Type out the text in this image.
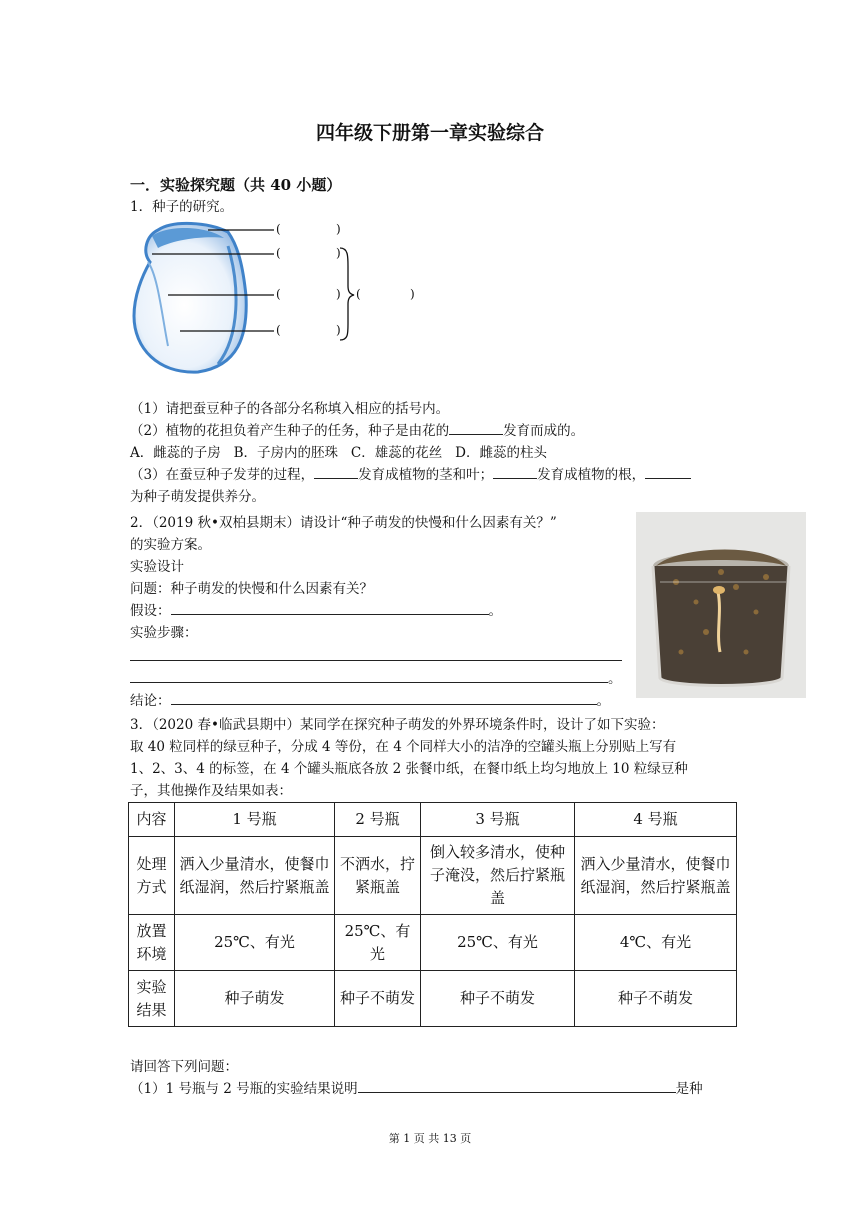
四年级下册第一章实验综合
一．实验探究题（共 40 小题）
1．种子的研究。
(	)
(	)
(	)
(	)
(	)
（1）请把蚕豆种子的各部分名称填入相应的括号内。
（2）植物的花担负着产生种子的任务，种子是由花的	发育而成的。
A．雌蕊的子房 B．子房内的胚珠 C．雄蕊的花丝 D．雌蕊的柱头
（3）在蚕豆种子发芽的过程，	发育成植物的茎和叶；	发育成植物的根，
为种子萌发提供养分。
2．（2019 秋•双柏县期末）请设计“种子萌发的快慢和什么因素有关？”
的实验方案。
实验设计
问题：种子萌发的快慢和什么因素有关？
假设：	。
实验步骤：
。
结论：	。
3．（2020 春•临武县期中）某同学在探究种子萌发的外界环境条件时，设计了如下实验：
取 40 粒同样的绿豆种子，分成 4 等份，在 4 个同样大小的洁净的空罐头瓶上分别贴上写有
1、2、3、4 的标签，在 4 个罐头瓶底各放 2 张餐巾纸，在餐巾纸上均匀地放上 10 粒绿豆种
子，其他操作及结果如表：
内容	1 号瓶	2 号瓶	3 号瓶	4 号瓶
处理方式	洒入少量清水，使餐巾纸湿润，然后拧紧瓶盖	不洒水，拧紧瓶盖	倒入较多清水，使种子淹没，然后拧紧瓶盖	洒入少量清水，使餐巾纸湿润，然后拧紧瓶盖
放置环境	25℃、有光	25℃、有光	25℃、有光	4℃、有光
实验结果	种子萌发	种子不萌发	种子不萌发	种子不萌发
请回答下列问题：
（1）1 号瓶与 2 号瓶的实验结果说明	是种
第 1 页 共 13 页
